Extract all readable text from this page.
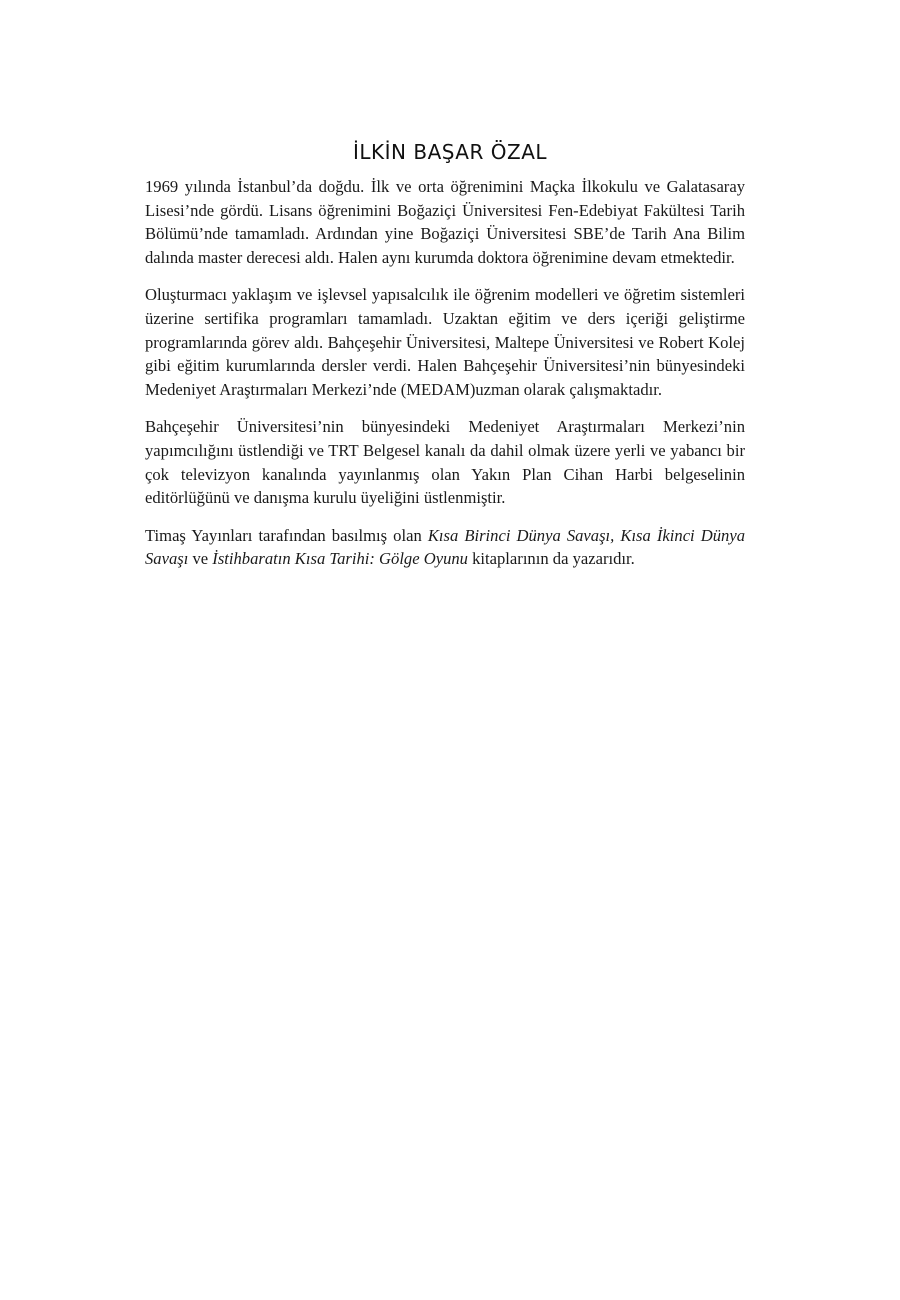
İLKİN BAŞAR ÖZAL

1969 yılında İstanbul’da doğdu. İlk ve orta öğrenimini Maçka İlkokulu ve Galatasaray Lisesi’nde gördü. Lisans öğrenimini Boğaziçi Üniversitesi Fen-Edebiyat Fakültesi Tarih Bölümü’nde tamamladı. Ardından yine Boğaziçi Üniversitesi SBE’de Tarih Ana Bilim dalında master derecesi aldı. Halen aynı kurumda doktora öğrenimine devam etmektedir.

Oluşturmacı yaklaşım ve işlevsel yapısalcılık ile öğrenim modelleri ve öğretim sistemleri üzerine sertifika programları tamamladı. Uzaktan eğitim ve ders içeriği geliştirme programlarında görev aldı. Bahçeşehir Üniversitesi, Maltepe Üniversitesi ve Robert Kolej gibi eğitim kurumlarında dersler verdi. Halen Bahçeşehir Üniversitesi’nin bünyesindeki Medeniyet Araştırmaları Merkezi’nde (MEDAM)uzman olarak çalışmaktadır.

Bahçeşehir Üniversitesi’nin bünyesindeki Medeniyet Araştırmaları Merkezi’nin yapımcılığını üstlendiği ve TRT Belgesel kanalı da dahil olmak üzere yerli ve yabancı bir çok televizyon kanalında yayınlanmış olan Yakın Plan Cihan Harbi belgeselinin editörlüğünü ve danışma kurulu üyeliğini üstlenmiştir.

Timaş Yayınları tarafından basılmış olan Kısa Birinci Dünya Savaşı, Kısa İkinci Dünya Savaşı ve İstihbaratın Kısa Tarihi: Gölge Oyunu kitaplarının da yazarıdır.
